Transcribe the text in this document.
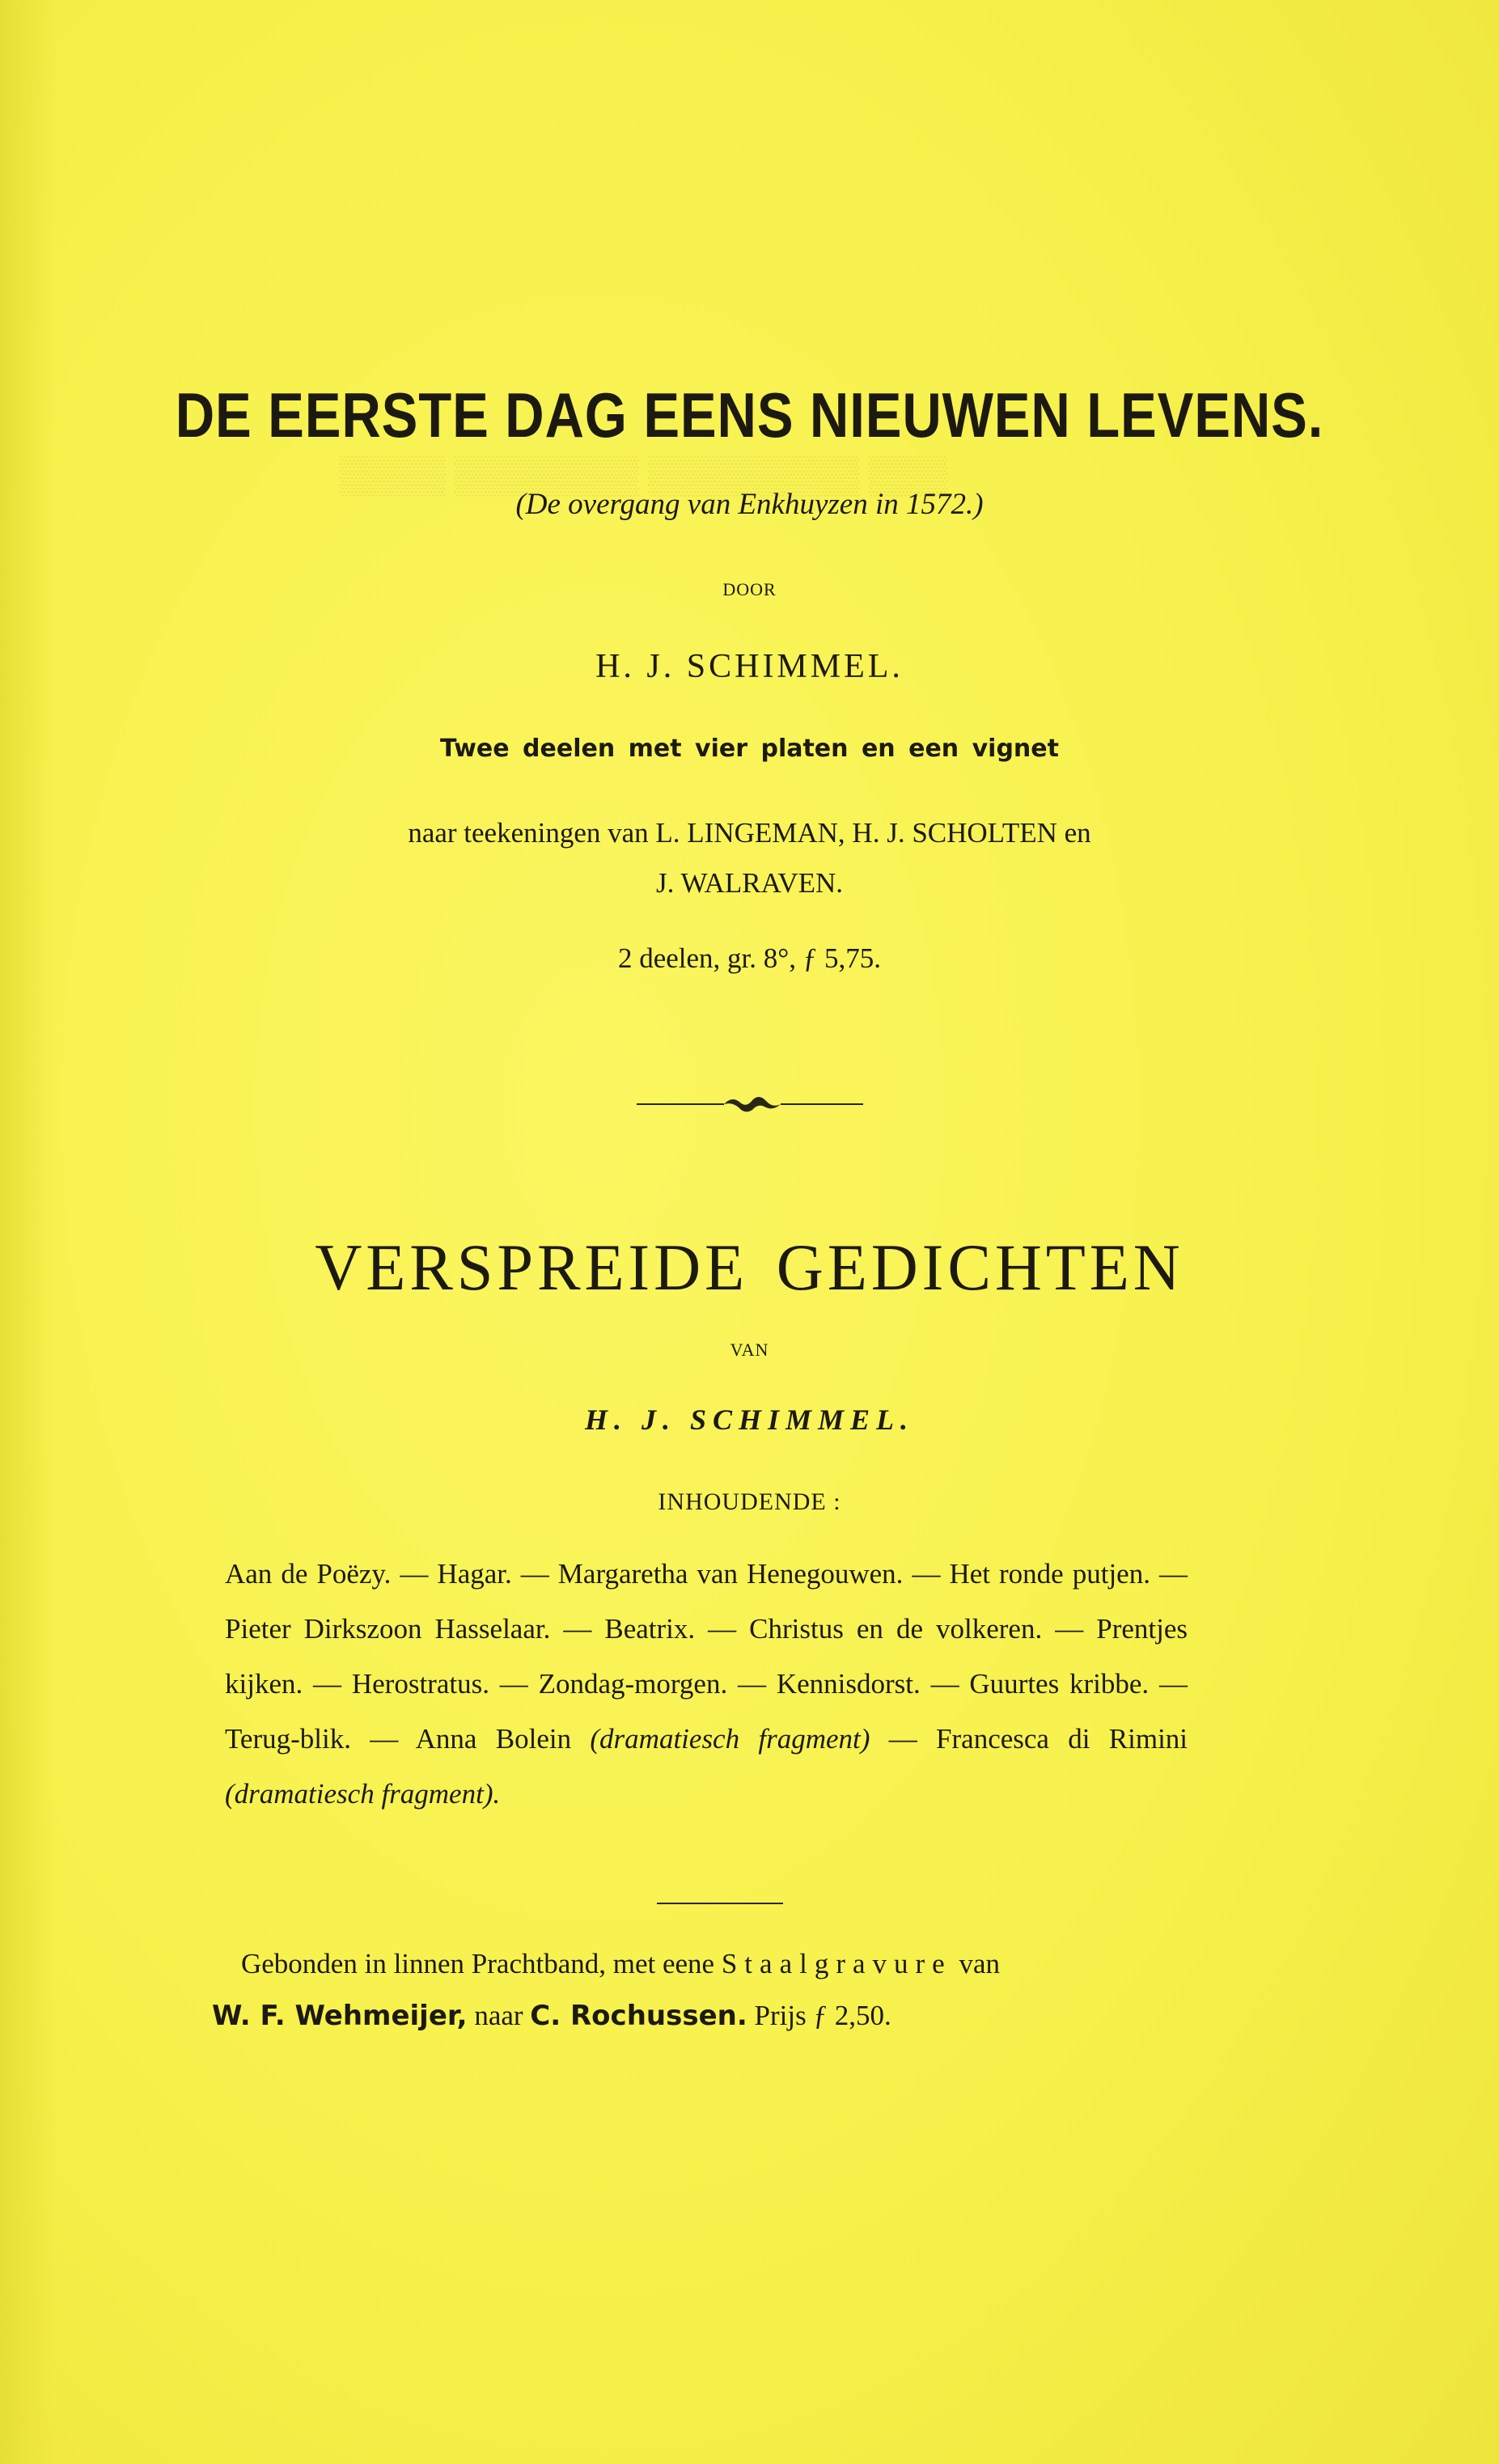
▒▒▒ ▒▒▒▒▒▒▒▒ ▒▒▒▒▒▒▒ ▒▒▒▒
DE EERSTE DAG EENS NIEUWEN LEVENS.
(De overgang van Enkhuyzen in 1572.)
DOOR
H. J. SCHIMMEL.
Twee deelen met vier platen en een vignet
naar teekeningen van L. LINGEMAN, H. J. SCHOLTEN en
J. WALRAVEN.
2 deelen, gr. 8°, ƒ 5,75.
VERSPREIDE GEDICHTEN
VAN
H. J. SCHIMMEL.
INHOUDENDE :
Aan de Poëzy. — Hagar. — Margaretha van Henegouwen. — Het ronde putjen. — Pieter Dirkszoon Hasselaar. — Beatrix. — Christus en de volkeren. — Prentjes kijken. — Herostratus. — Zondag-morgen. — Kennisdorst. — Guurtes kribbe. — Terug-blik. — Anna Bolein (dramatiesch fragment) — Francesca di Rimini (dramatiesch fragment).
Gebonden in linnen Prachtband, met eene Staalgravure van
W. F. Wehmeijer, naar C. Rochussen. Prijs ƒ 2,50.
